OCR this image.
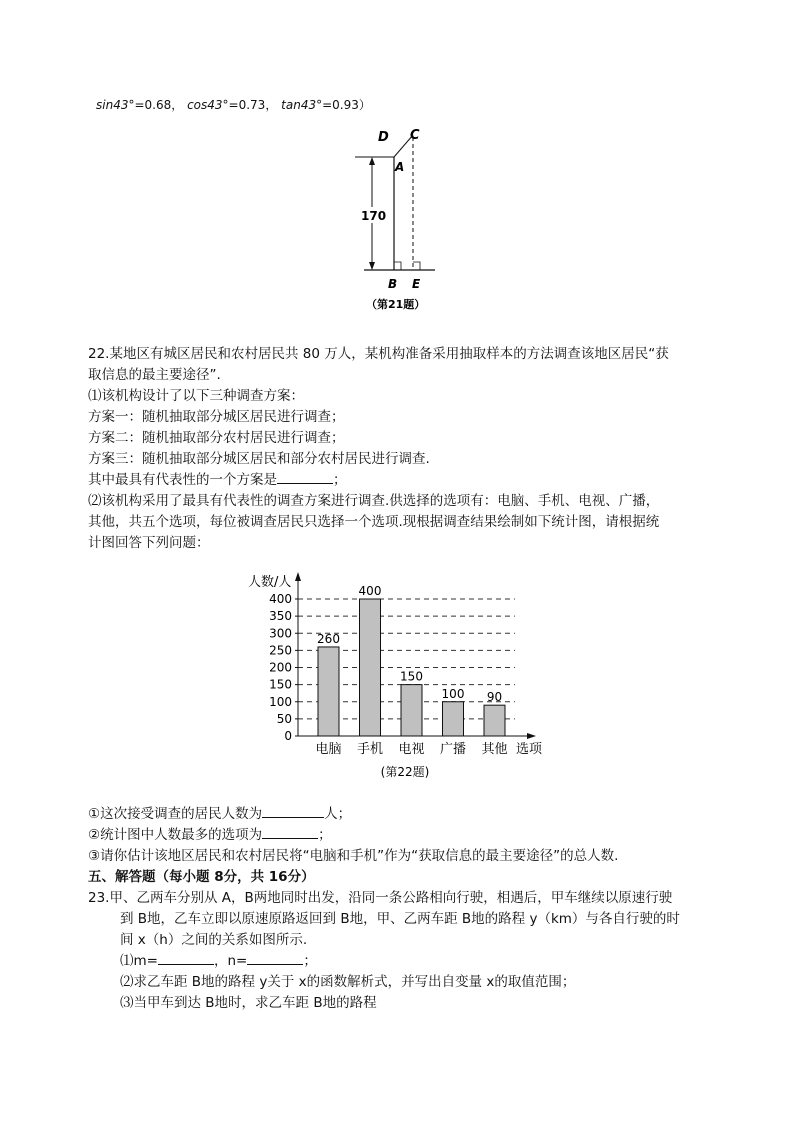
sin43°=0.68， cos43°=0.73， tan43°=0.93）
D C
A
170
B E
（第21题）
22.某地区有城区居民和农村居民共 80 万人，某机构准备采用抽取样本的方法调查该地区居民“获
取信息的最主要途径”.
⑴该机构设计了以下三种调查方案：
方案一：随机抽取部分城区居民进行调查；
方案二：随机抽取部分农村居民进行调查；
方案三：随机抽取部分城区居民和部分农村居民进行调查.
其中最具有代表性的一个方案是	；
⑵该机构采用了最具有代表性的调查方案进行调查.供选择的选项有：电脑、手机、电视、广播，
其他，共五个选项，每位被调查居民只选择一个选项.现根据调查结果绘制如下统计图，请根据统
计图回答下列问题：
0
50
100
150
200
250
300
350
400
人数/人
选项
260
电脑
400
手机
150
电视
100
广播
90
其他
(第22题)
①这次接受调查的居民人数为	人；
②统计图中人数最多的选项为	；
③请你估计该地区居民和农村居民将“电脑和手机”作为“获取信息的最主要途径”的总人数.
五、解答题（每小题 8分，共 16分）
23.甲、乙两车分别从 A，B两地同时出发，沿同一条公路相向行驶，相遇后，甲车继续以原速行驶
到 B地，乙车立即以原速原路返回到 B地，甲、乙两车距 B地的路程 y（km）与各自行驶的时
间 x（h）之间的关系如图所示.
⑴m=	，n=	；
⑵求乙车距 B地的路程 y关于 x的函数解析式，并写出自变量 x的取值范围；
⑶当甲车到达 B地时，求乙车距 B地的路程
